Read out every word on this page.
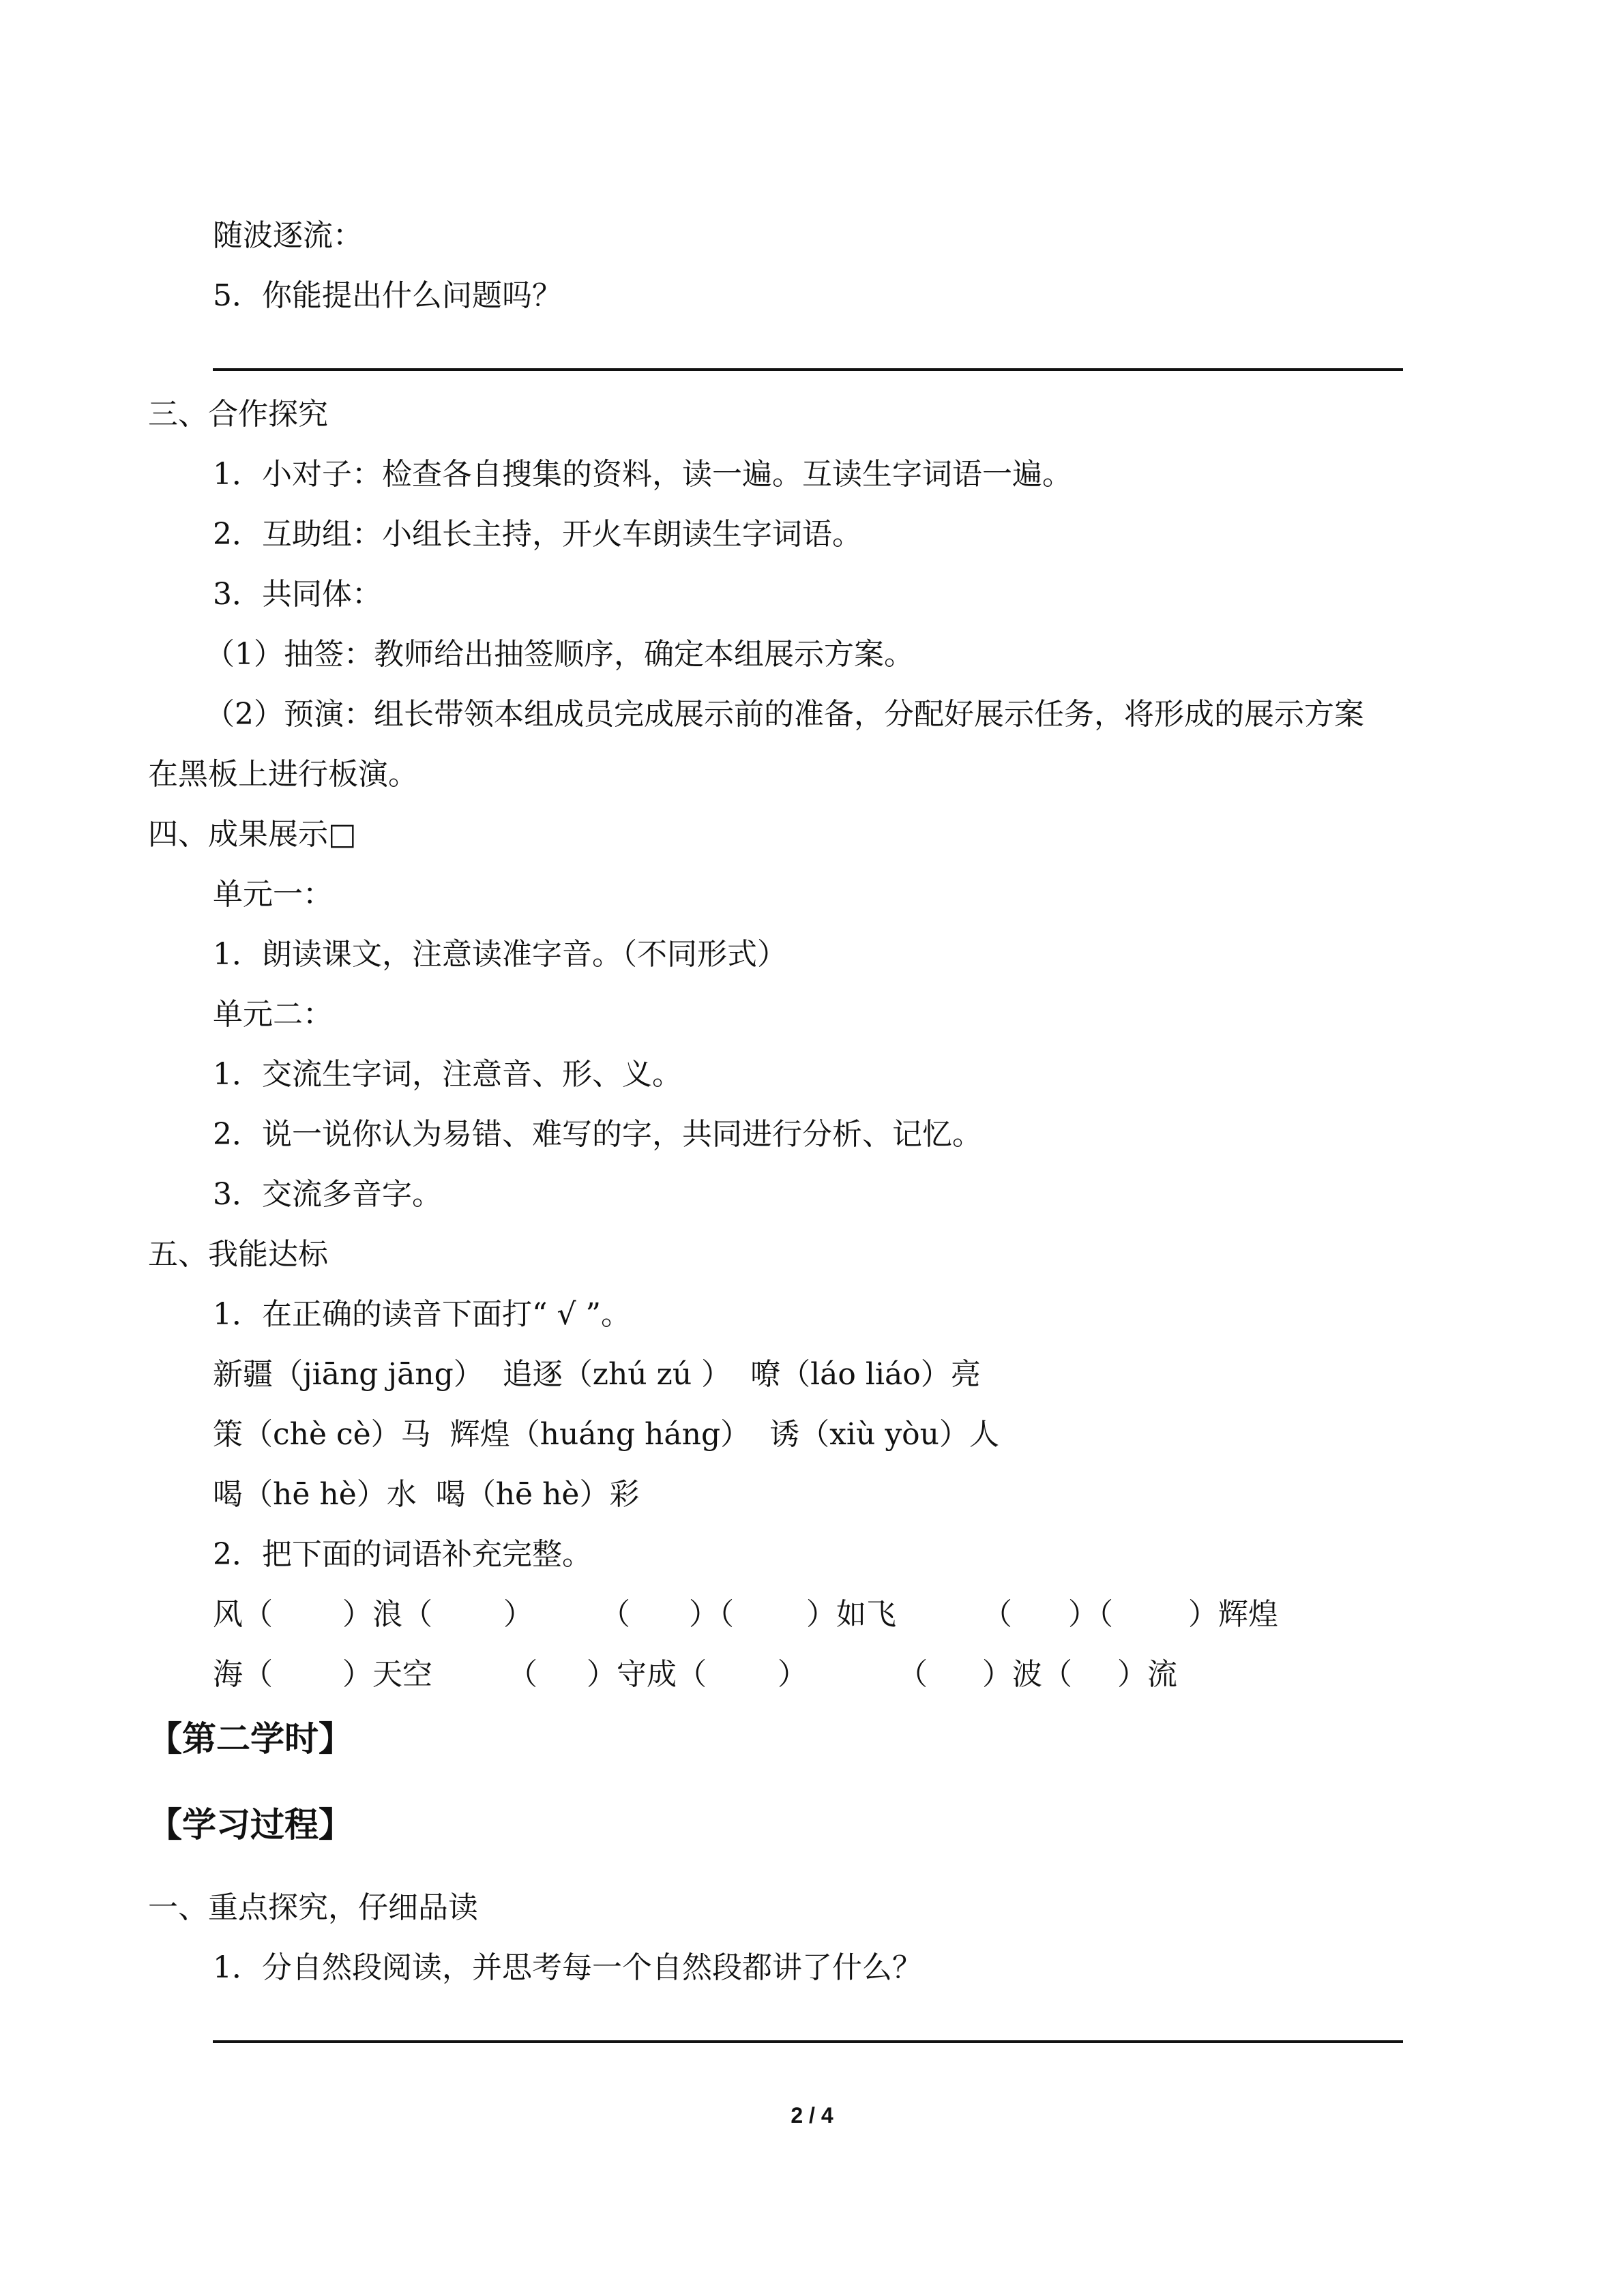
随波逐流：
5．你能提出什么问题吗？
三、合作探究
1．小对子：检查各自搜集的资料，读一遍。互读生字词语一遍。
2．互助组：小组长主持，开火车朗读生字词语。
3．共同体：
（1）抽签：教师给出抽签顺序，确定本组展示方案。
（2）预演：组长带领本组成员完成展示前的准备，分配好展示任务，将形成的展示方案
在黑板上进行板演。
四、成果展示□
单元一：
1．朗读课文，注意读准字音。（不同形式）
单元二：
1．交流生字词，注意音、形、义。
2．说一说你认为易错、难写的字，共同进行分析、记忆。
3．交流多音字。
五、我能达标
1．在正确的读音下面打“ √ ”。
新疆（jiāng jāng）  追逐（zhú zú ）  嘹（láo liáo）亮
策（chè cè）马  辉煌（huáng háng）  诱（xiù yòu）人
喝（hē hè）水  喝（hē hè）彩
2．把下面的词语补充完整。
风（ ）浪（ ） （ ）（ ）如飞	（ ）（	）辉煌
海（ ）天空	（ ）守成（ ）	（ ）波（ ）流
【第二学时】
【学习过程】
一、重点探究，仔细品读
1．分自然段阅读，并思考每一个自然段都讲了什么？
2 / 4
